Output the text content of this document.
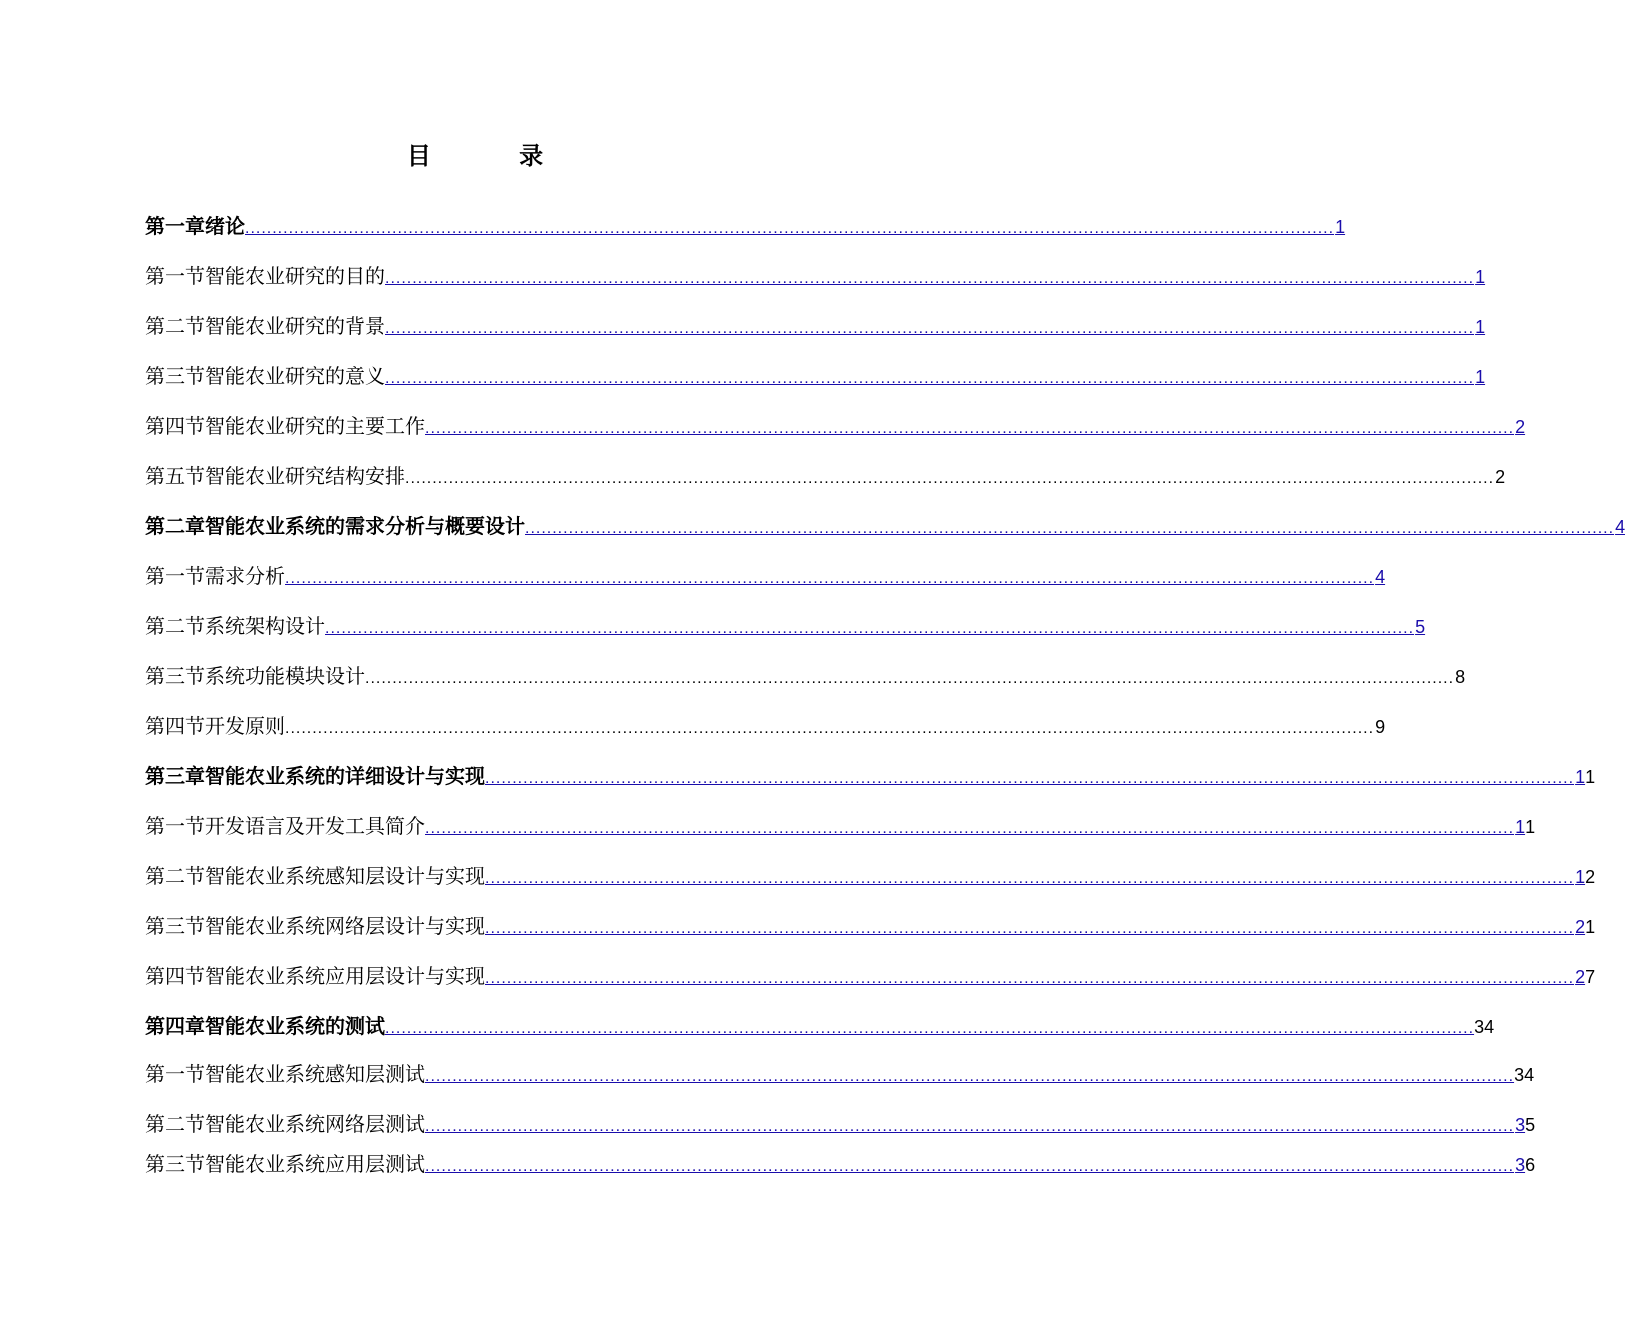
目 录
第一章 绪论 ........................................................................................................................................................................................................ 1
第一节 智能农业研究的目的 ........................................................................................................................................................................................................ 1
第二节 智能农业研究的背景 ........................................................................................................................................................................................................ 1
第三节 智能农业研究的意义 ........................................................................................................................................................................................................ 1
第四节 智能农业研究的主要工作 ........................................................................................................................................................................................................ 2
第五节 智能农业研究结构安排 ........................................................................................................................................................................................................ 2
第二章 智能农业系统的需求分析与概要设计 ........................................................................................................................................................................................................ 4
第一节 需求分析 ........................................................................................................................................................................................................ 4
第二节 系统架构设计 ........................................................................................................................................................................................................ 5
第三节 系统功能模块设计 ........................................................................................................................................................................................................ 8
第四节 开发原则 ........................................................................................................................................................................................................ 9
第三章 智能农业系统的详细设计与实现 ........................................................................................................................................................................................................ 1 1
第一节 开发语言及开发工具简介 ........................................................................................................................................................................................................ 1 1
第二节 智能农业系统感知层设计与实现 ........................................................................................................................................................................................................ 1 2
第三节 智能农业系统网络层设计与实现 ........................................................................................................................................................................................................ 2 1
第四节 智能农业系统应用层设计与实现 ........................................................................................................................................................................................................ 2 7
第四章 智能农业系统的测试 ........................................................................................................................................................................................................ 34
第一节 智能农业系统感知层测试 ........................................................................................................................................................................................................ 34
第二节 智能农业系统网络层测试 ........................................................................................................................................................................................................ 3 5
第三节 智能农业系统应用层测试 ........................................................................................................................................................................................................ 3 6
